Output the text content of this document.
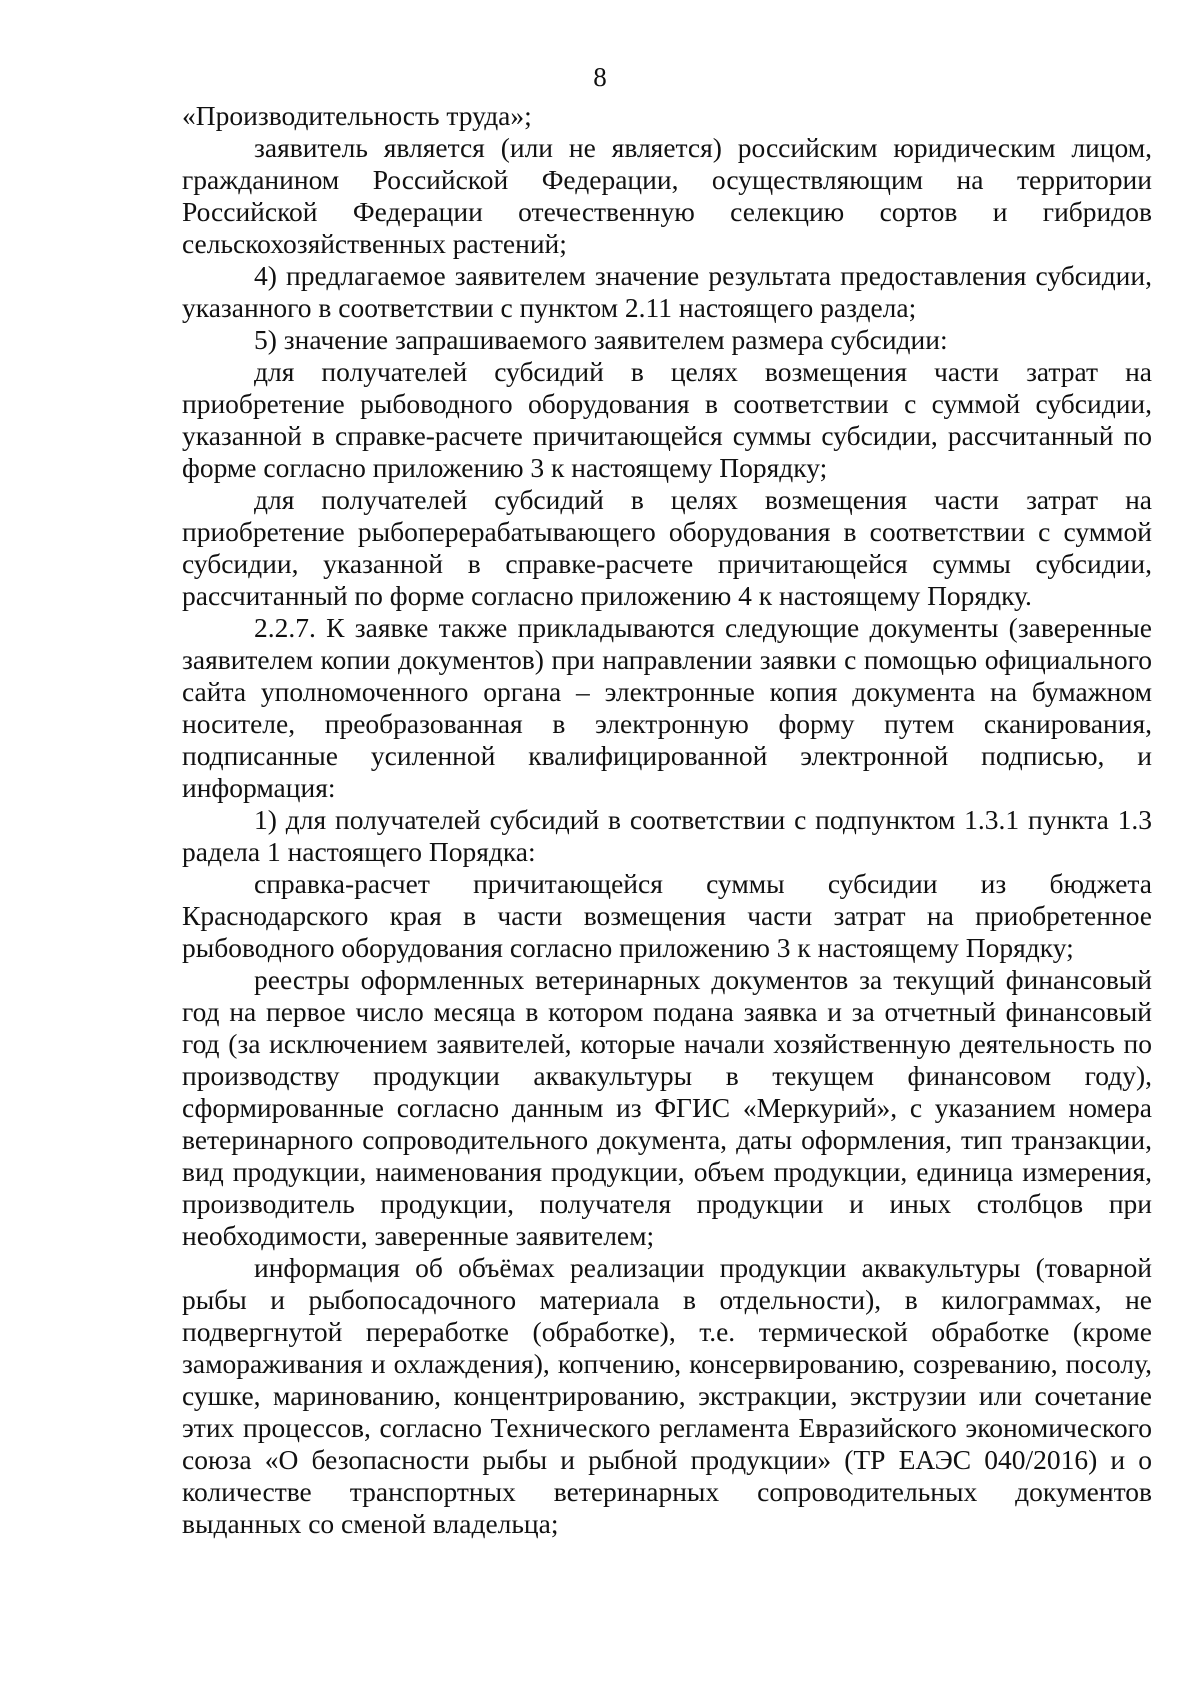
8

«Производительность труда»;

заявитель является (или не является) российским юридическим лицом, гражданином Российской Федерации, осуществляющим на территории Российской Федерации отечественную селекцию сортов и гибридов сельскохозяйственных растений;

4) предлагаемое заявителем значение результата предоставления субсидии, указанного в соответствии с пунктом 2.11 настоящего раздела;

5) значение запрашиваемого заявителем размера субсидии:

для получателей субсидий в целях возмещения части затрат на приобретение рыбоводного оборудования в соответствии с суммой субсидии, указанной в справке-расчете причитающейся суммы субсидии, рассчитанный по форме согласно приложению 3 к настоящему Порядку;

для получателей субсидий в целях возмещения части затрат на приобретение рыбоперерабатывающего оборудования в соответствии с суммой субсидии, указанной в справке-расчете причитающейся суммы субсидии, рассчитанный по форме согласно приложению 4 к настоящему Порядку.

2.2.7. К заявке также прикладываются следующие документы (заверенные заявителем копии документов) при направлении заявки с помощью официального сайта уполномоченного органа – электронные копия документа на бумажном носителе, преобразованная в электронную форму путем сканирования, подписанные усиленной квалифицированной электронной подписью, и информация:

1) для получателей субсидий в соответствии с подпунктом 1.3.1 пункта 1.3 радела 1 настоящего Порядка:

справка-расчет причитающейся суммы субсидии из бюджета Краснодарского края в части возмещения части затрат на приобретенное рыбоводного оборудования согласно приложению 3 к настоящему Порядку;

реестры оформленных ветеринарных документов за текущий финансовый год на первое число месяца в котором подана заявка и за отчетный финансовый год (за исключением заявителей, которые начали хозяйственную деятельность по производству продукции аквакультуры в текущем финансовом году), сформированные согласно данным из ФГИС «Меркурий», с указанием номера ветеринарного сопроводительного документа, даты оформления, тип транзакции, вид продукции, наименования продукции, объем продукции, единица измерения, производитель продукции, получателя продукции и иных столбцов при необходимости, заверенные заявителем;

информация об объёмах реализации продукции аквакультуры (товарной рыбы и рыбопосадочного материала в отдельности), в килограммах, не подвергнутой переработке (обработке), т.е. термической обработке (кроме замораживания и охлаждения), копчению, консервированию, созреванию, посолу, сушке, маринованию, концентрированию, экстракции, экструзии или сочетание этих процессов, согласно Технического регламента Евразийского экономического союза «О безопасности рыбы и рыбной продукции» (ТР ЕАЭС 040/2016) и о количестве транспортных ветеринарных сопроводительных документов выданных со сменой владельца;
